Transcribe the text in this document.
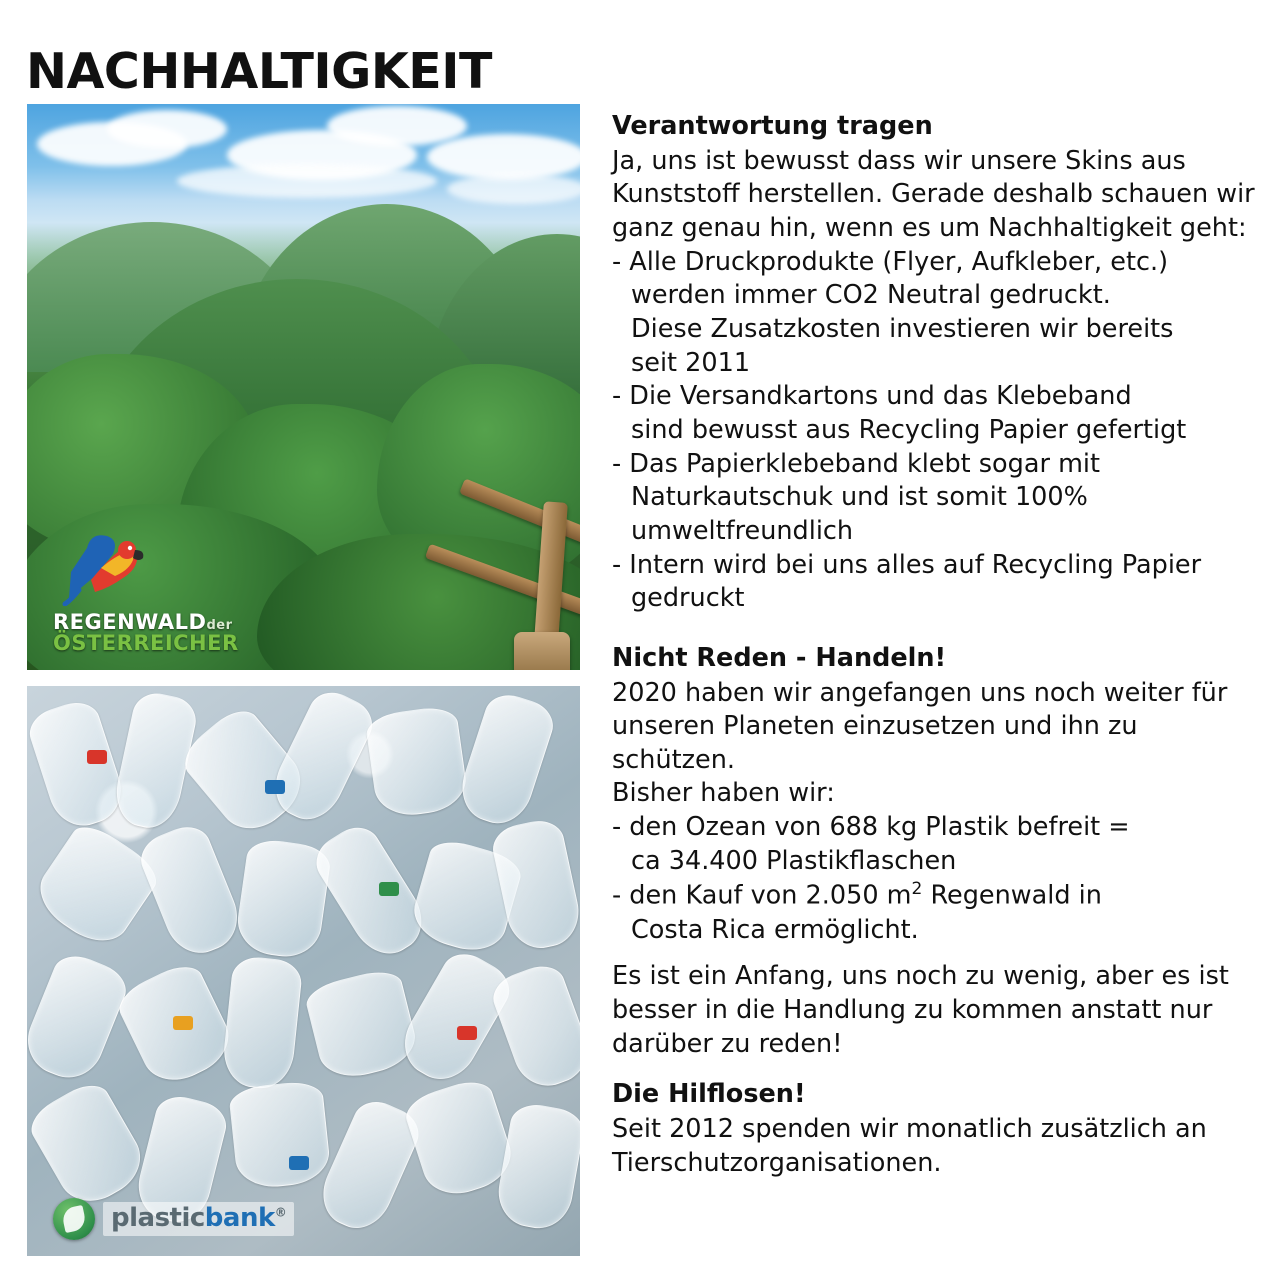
NACHHALTIGKEIT
REGENWALDder
ÖSTERREICHER
plasticbank®
Verantwortung tragen

Ja, uns ist bewusst dass wir unsere Skins aus Kunststoff herstellen. Gerade deshalb schauen wir ganz genau hin, wenn es um Nachhaltigkeit geht:

- Alle Druckprodukte (Flyer, Aufkleber, etc.)
werden immer CO2 Neutral gedruckt.
Diese Zusatzkosten investieren wir bereits
seit 2011
- Die Versandkartons und das Klebeband
sind bewusst aus Recycling Papier gefertigt
- Das Papierklebeband klebt sogar mit
Naturkautschuk und ist somit 100%
umweltfreundlich
- Intern wird bei uns alles auf Recycling Papier
gedruckt
Nicht Reden - Handeln!

2020 haben wir angefangen uns noch weiter für unseren Planeten einzusetzen und ihn zu schützen.

Bisher haben wir:

- den Ozean von 688 kg Plastik befreit =
ca 34.400 Plastikflaschen
- den Kauf von 2.050 $m^2$ Regenwald in
Costa Rica ermöglicht.

Es ist ein Anfang, uns noch zu wenig, aber es ist besser in die Handlung zu kommen anstatt nur darüber zu reden!

Die Hilflosen!

Seit 2012 spenden wir monatlich zusätzlich an Tierschutzorganisationen.
